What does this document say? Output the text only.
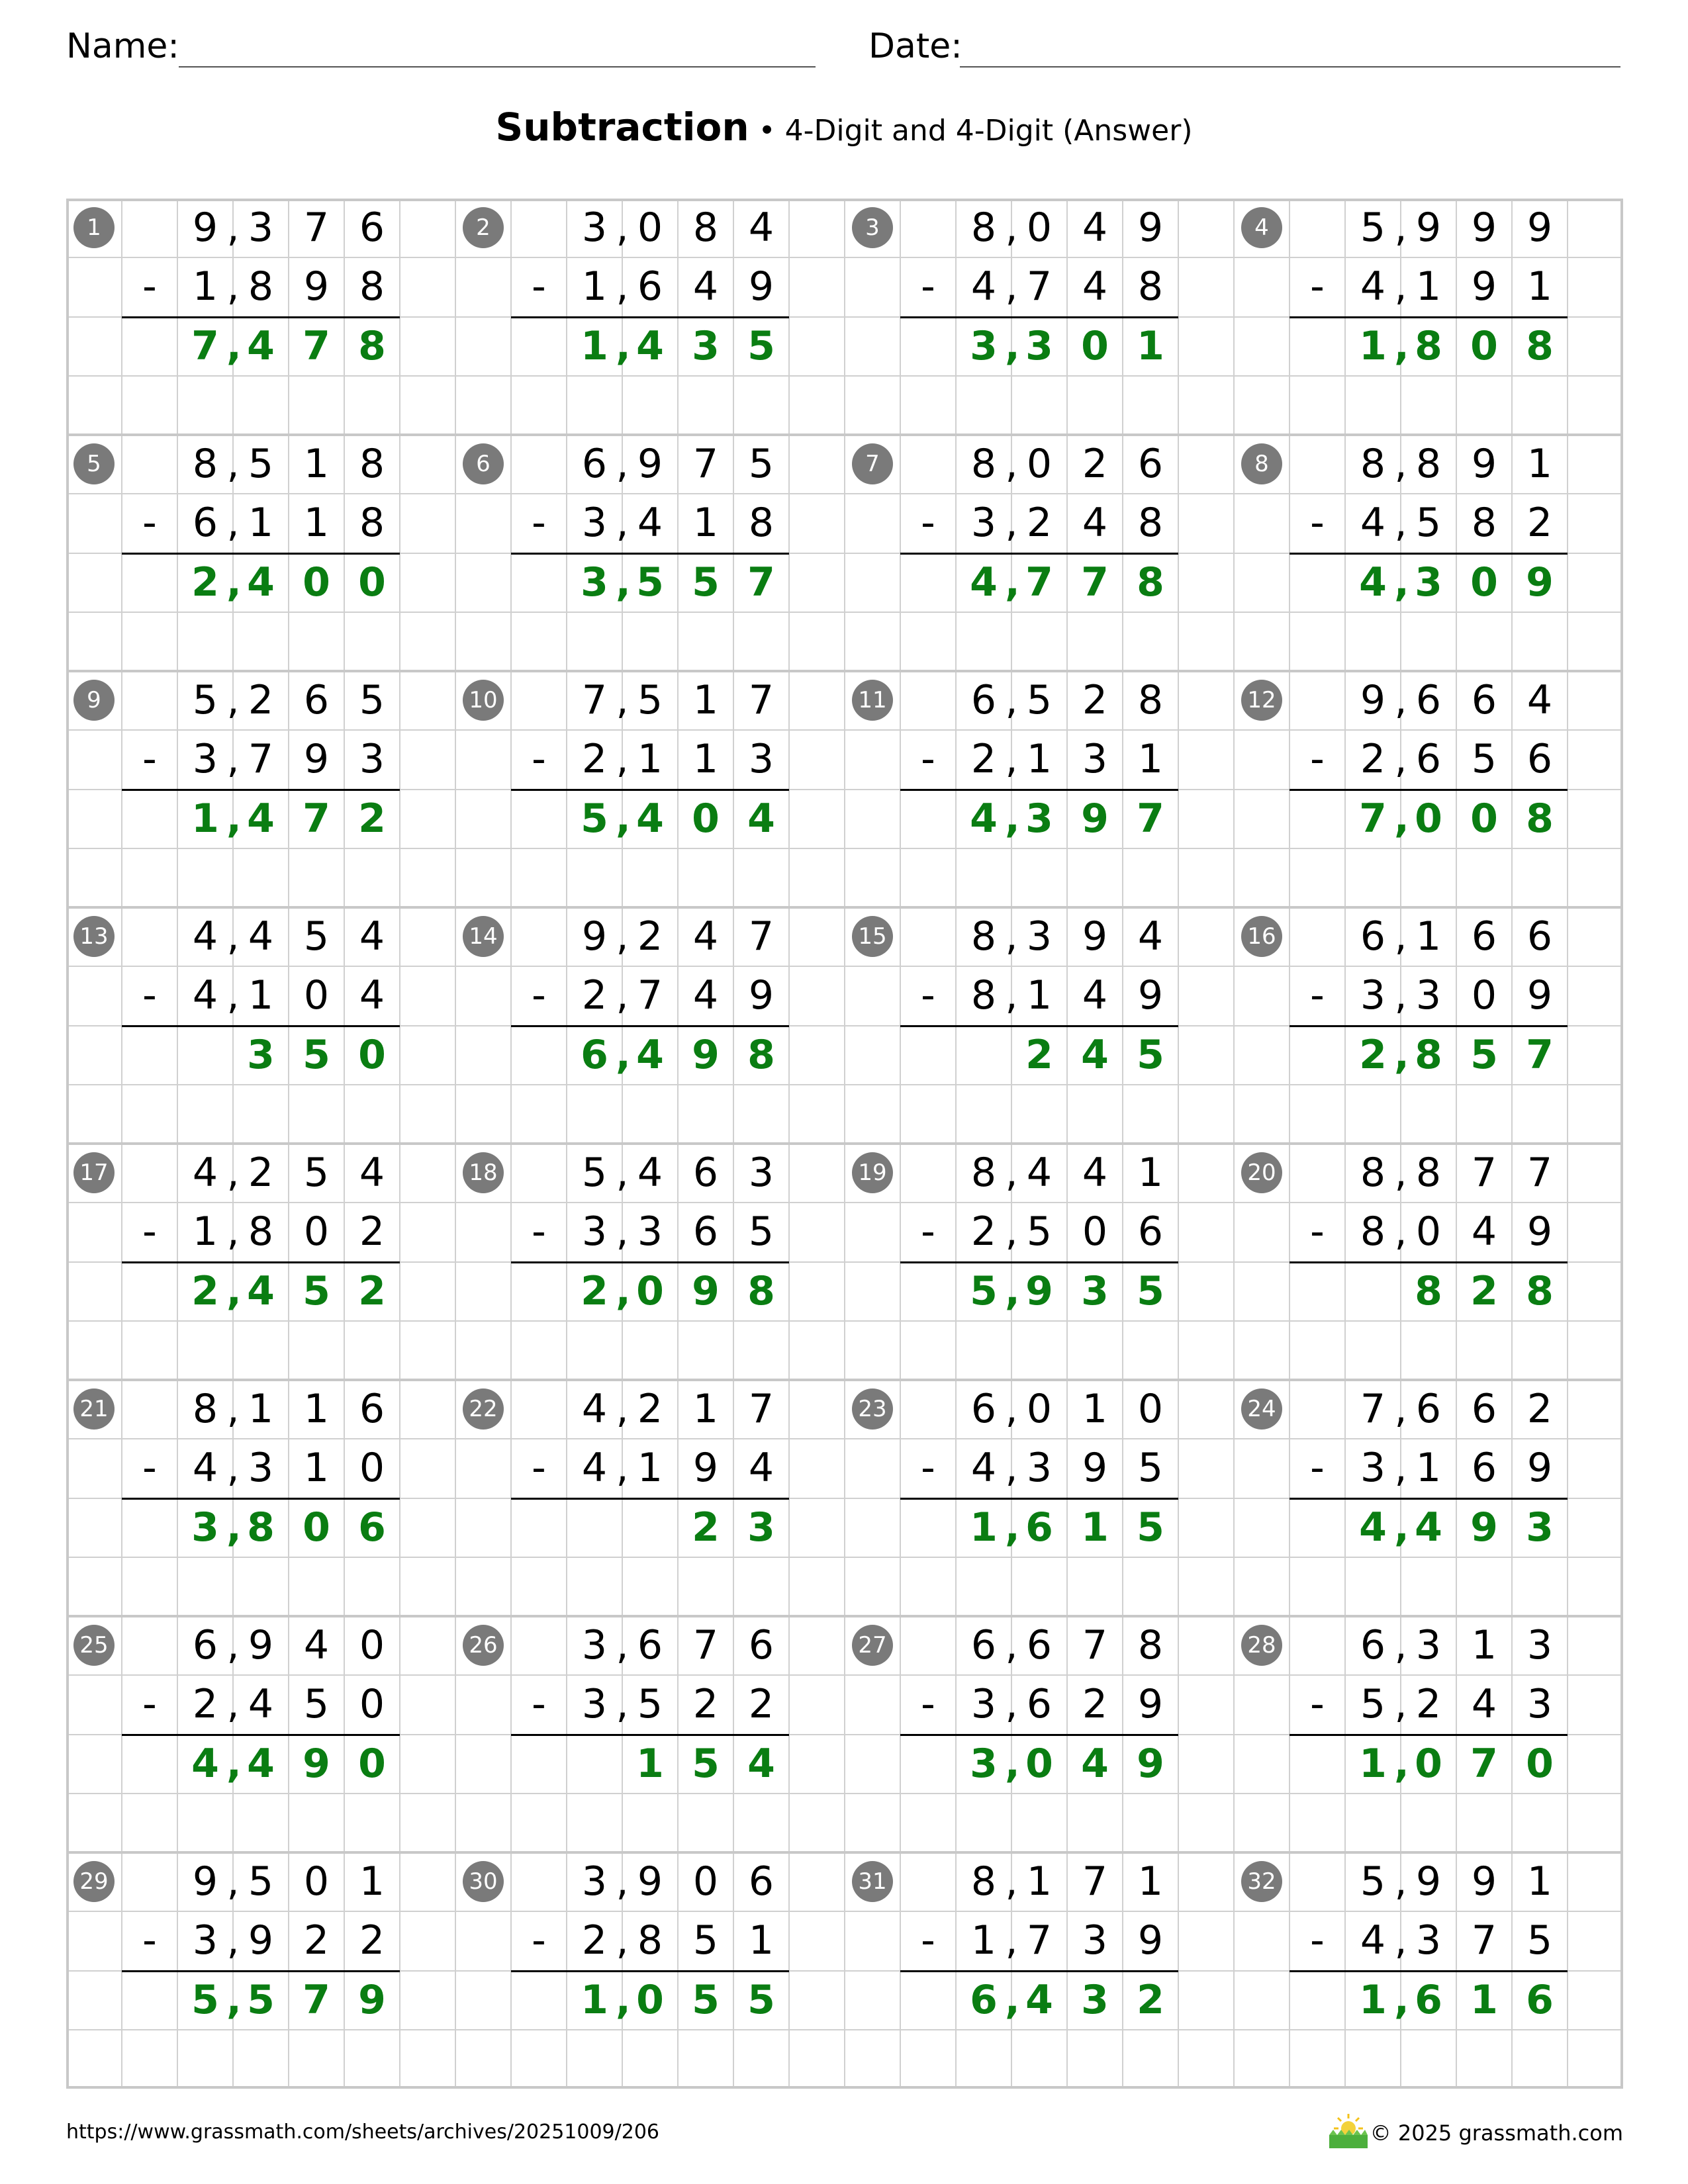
Name:	Date:
Subtraction • 4-Digit and 4-Digit (Answer)
1	9 3 7 6
,
- 1 8 9 8
,
7 4 7 8
,
2	3 0 8 4
,
- 1 6 4 9
,
1 4 3 5
,
3	8 0 4 9
,
- 4 7 4 8
,
3 3 0 1
,
4	5 9 9 9
,
- 4 1 9 1
,
1 8 0 8
,
5	8 5 1 8
,
- 6 1 1 8
,
2 4 0 0
,
6	6 9 7 5
,
- 3 4 1 8
,
3 5 5 7
,
7	8 0 2 6
,
- 3 2 4 8
,
4 7 7 8
,
8	8 8 9 1
,
- 4 5 8 2
,
4 3 0 9
,
9	5 2 6 5
,
- 3 7 9 3
,
1 4 7 2
,
10	7 5 1 7
,
- 2 1 1 3
,
5 4 0 4
,
11	6 5 2 8
,
- 2 1 3 1
,
4 3 9 7
,
12	9 6 6 4
,
- 2 6 5 6
,
7 0 0 8
,
13	4 4 5 4
,
- 4 1 0 4
,
3 5 0
14	9 2 4 7
,
- 2 7 4 9
,
6 4 9 8
,
15	8 3 9 4
,
- 8 1 4 9
,
2 4 5
16	6 1 6 6
,
- 3 3 0 9
,
2 8 5 7
,
17	4 2 5 4
,
- 1 8 0 2
,
2 4 5 2
,
18	5 4 6 3
,
- 3 3 6 5
,
2 0 9 8
,
19	8 4 4 1
,
- 2 5 0 6
,
5 9 3 5
,
20	8 8 7 7
,
- 8 0 4 9
,
8 2 8
21	8 1 1 6
,
- 4 3 1 0
,
3 8 0 6
,
22	4 2 1 7
,
- 4 1 9 4
,
2 3
23	6 0 1 0
,
- 4 3 9 5
,
1 6 1 5
,
24	7 6 6 2
,
- 3 1 6 9
,
4 4 9 3
,
25	6 9 4 0
,
- 2 4 5 0
,
4 4 9 0
,
26	3 6 7 6
,
- 3 5 2 2
,
1 5 4
27	6 6 7 8
,
- 3 6 2 9
,
3 0 4 9
,
28	6 3 1 3
,
- 5 2 4 3
,
1 0 7 0
,
29	9 5 0 1
,
- 3 9 2 2
,
5 5 7 9
,
30	3 9 0 6
,
- 2 8 5 1
,
1 0 5 5
,
31	8 1 7 1
,
- 1 7 3 9
,
6 4 3 2
,
32	5 9 9 1
,
- 4 3 7 5
,
1 6 1 6
,
https://www.grassmath.com/sheets/archives/20251009/206	© 2025 grassmath.com
